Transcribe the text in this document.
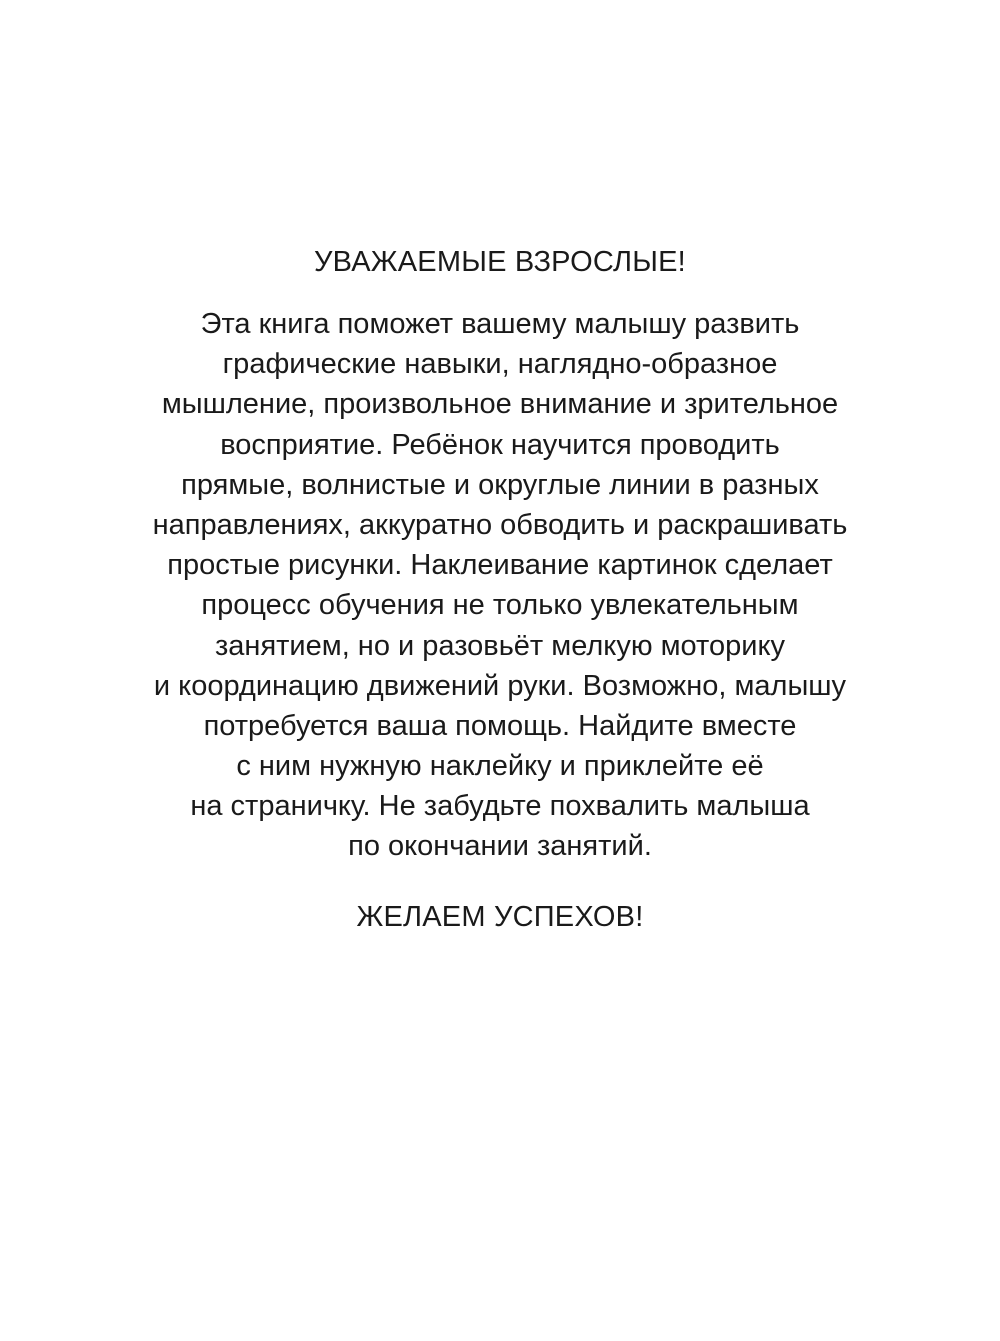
УВАЖАЕМЫЕ ВЗРОСЛЫЕ!
Эта книга поможет вашему малышу развить
графические навыки, наглядно-образное
мышление, произвольное внимание и зрительное
восприятие. Ребёнок научится проводить
прямые, волнистые и округлые линии в разных
направлениях, аккуратно обводить и раскрашивать
простые рисунки. Наклеивание картинок сделает
процесс обучения не только увлекательным
занятием, но и разовьёт мелкую моторику
и координацию движений руки. Возможно, малышу
потребуется ваша помощь. Найдите вместе
с ним нужную наклейку и приклейте её
на страничку. Не забудьте похвалить малыша
по окончании занятий.
ЖЕЛАЕМ УСПЕХОВ!
